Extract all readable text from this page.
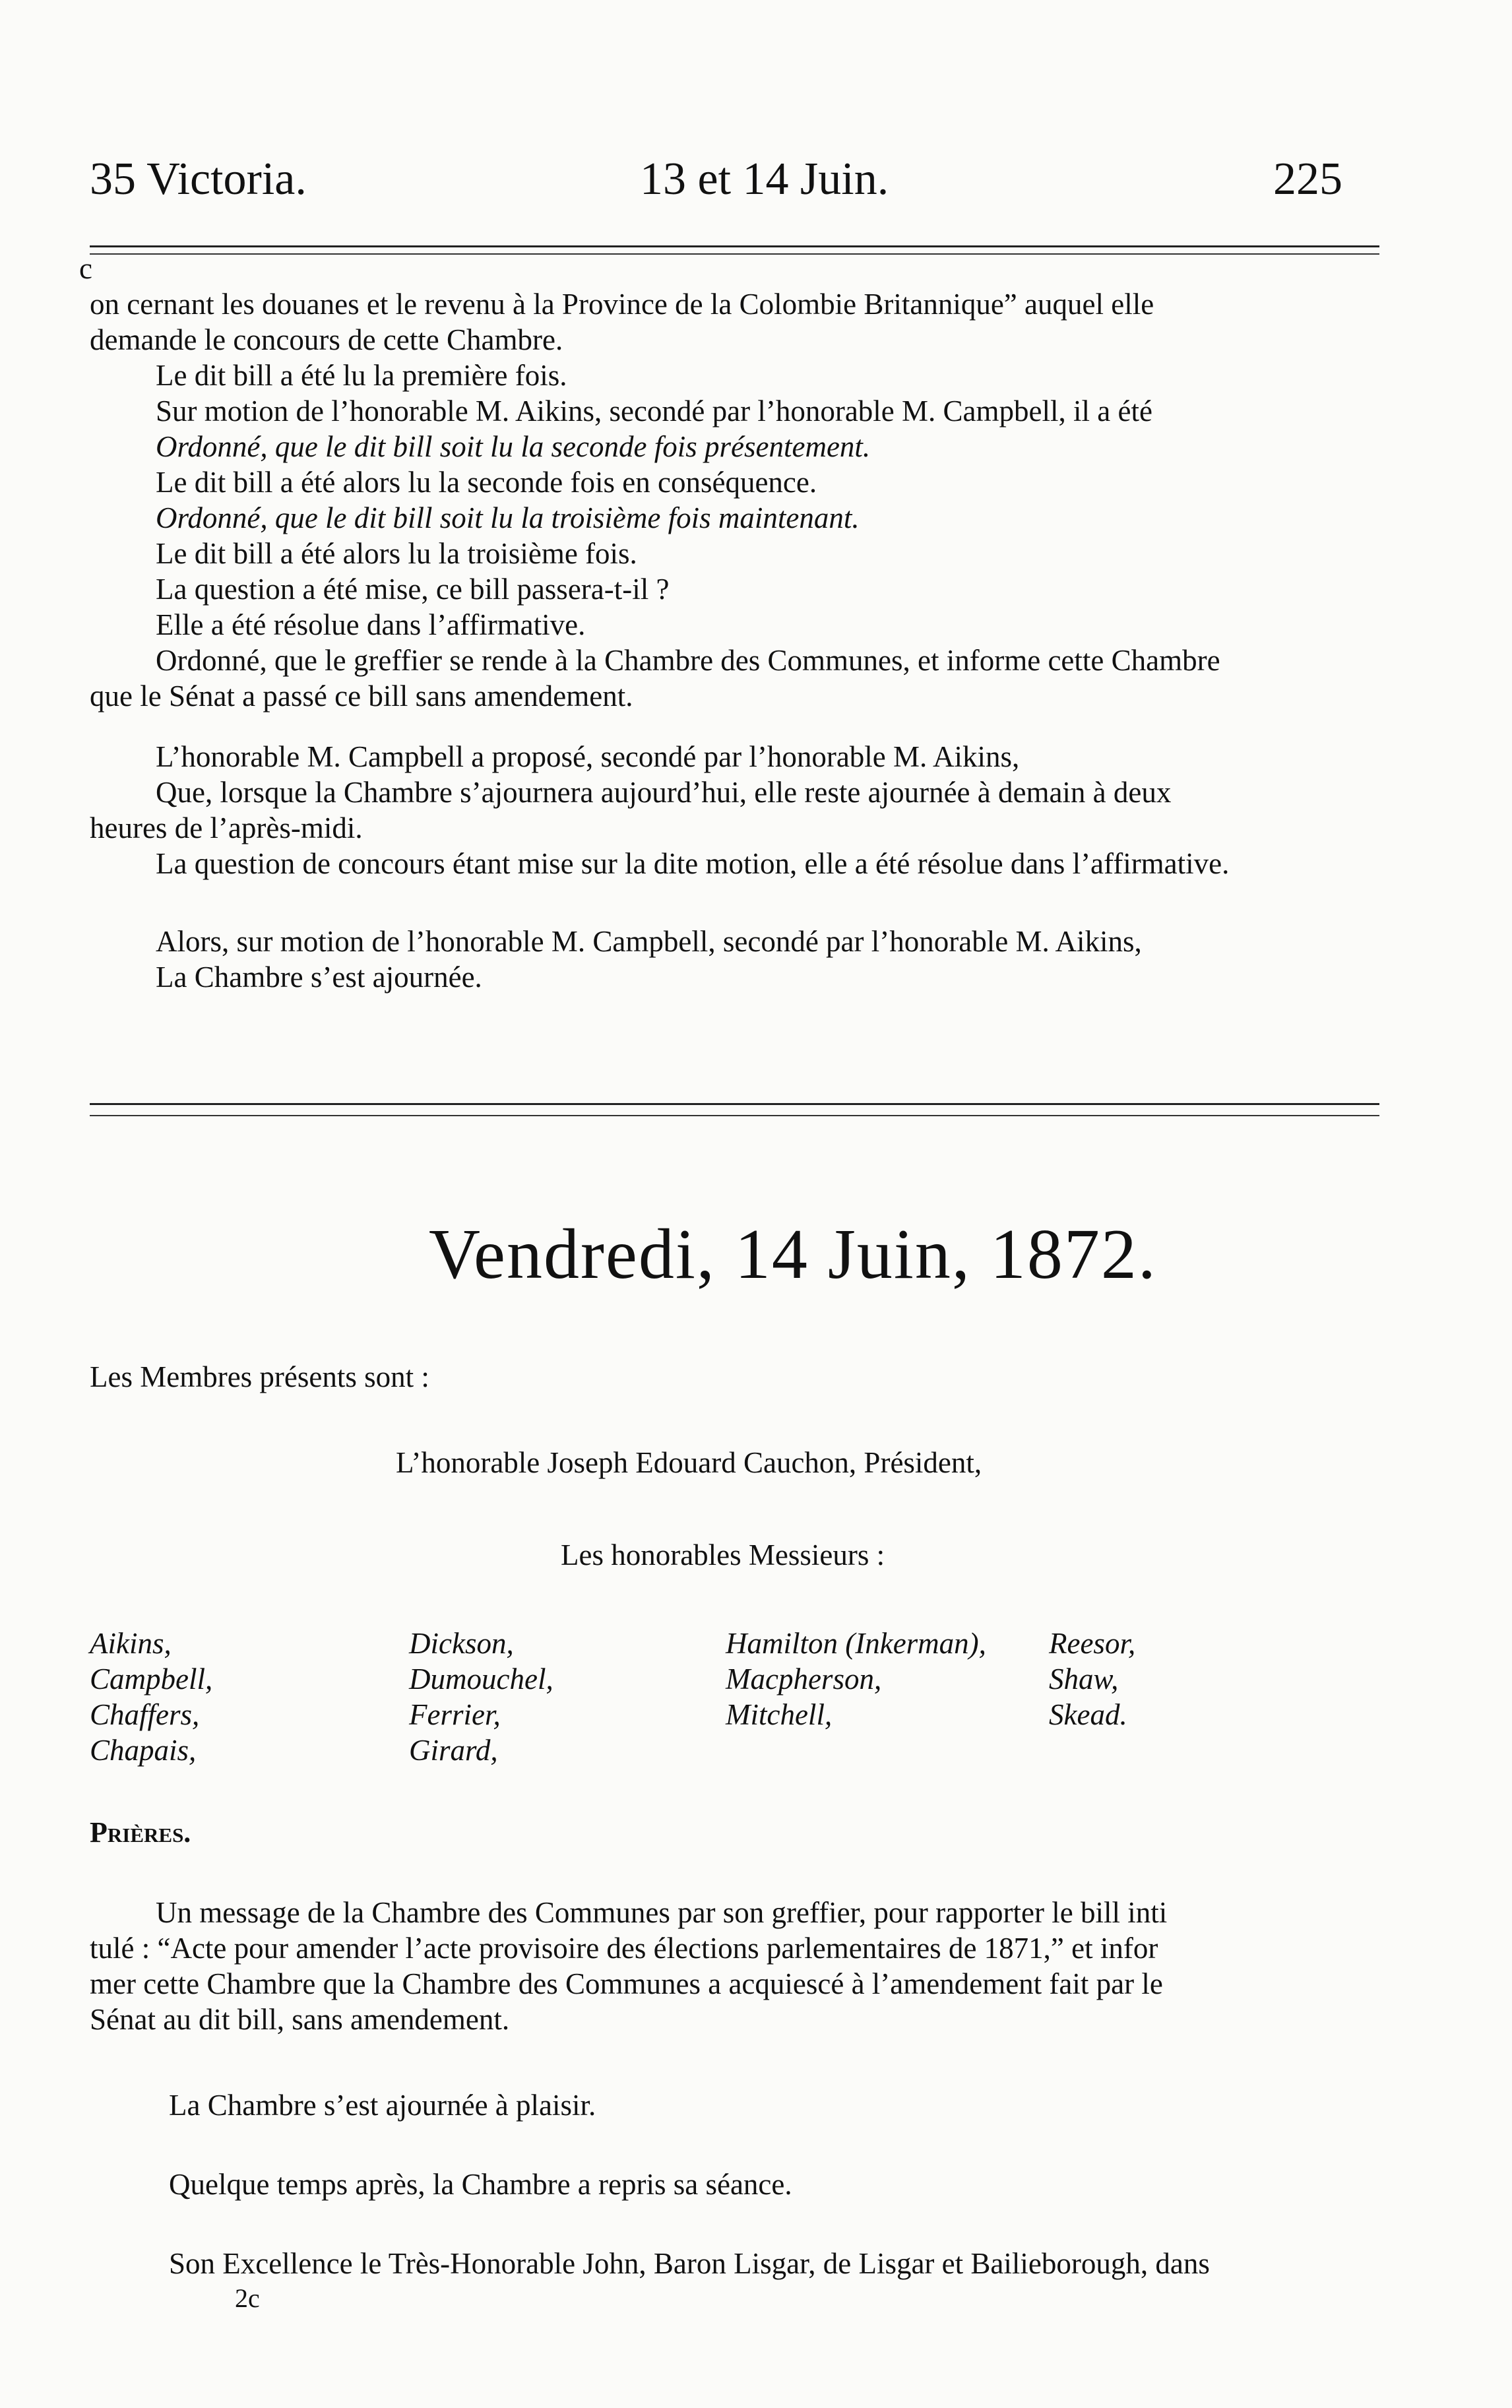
35 Victoria.	13 et 14 Juin.	225
c
on cernant les douanes et le revenu à la Province de la Colombie Britannique” auquel elle
demande le concours de cette Chambre.
Le dit bill a été lu la première fois.
Sur motion de l’honorable M. Aikins, secondé par l’honorable M. Campbell, il a été
Ordonné, que le dit bill soit lu la seconde fois présentement.
Le dit bill a été alors lu la seconde fois en conséquence.
Ordonné, que le dit bill soit lu la troisième fois maintenant.
Le dit bill a été alors lu la troisième fois.
La question a été mise, ce bill passera-t-il ?
Elle a été résolue dans l’affirmative.
Ordonné, que le greffier se rende à la Chambre des Communes, et informe cette Chambre
que le Sénat a passé ce bill sans amendement.
L’honorable M. Campbell a proposé, secondé par l’honorable M. Aikins,
Que, lorsque la Chambre s’ajournera aujourd’hui, elle reste ajournée à demain à deux
heures de l’après-midi.
La question de concours étant mise sur la dite motion, elle a été résolue dans l’affirmative.
Alors, sur motion de l’honorable M. Campbell, secondé par l’honorable M. Aikins,
La Chambre s’est ajournée.
Vendredi, 14 Juin, 1872.
Les Membres présents sont :
L’honorable Joseph Edouard Cauchon, Président,
Les honorables Messieurs :
Aikins,
Campbell,
Chaffers,
Chapais,
Dickson,
Dumouchel,
Ferrier,
Girard,
Hamilton (Inkerman),
Macpherson,
Mitchell,
Reesor,
Shaw,
Skead.
Prières.
Un message de la Chambre des Communes par son greffier, pour rapporter le bill inti
tulé : “Acte pour amender l’acte provisoire des élections parlementaires de 1871,” et infor
mer cette Chambre que la Chambre des Communes a acquiescé à l’amendement fait par le
Sénat au dit bill, sans amendement.
La Chambre s’est ajournée à plaisir.
Quelque temps après, la Chambre a repris sa séance.
Son Excellence le Très-Honorable John, Baron Lisgar, de Lisgar et Bailieborough, dans
2c
